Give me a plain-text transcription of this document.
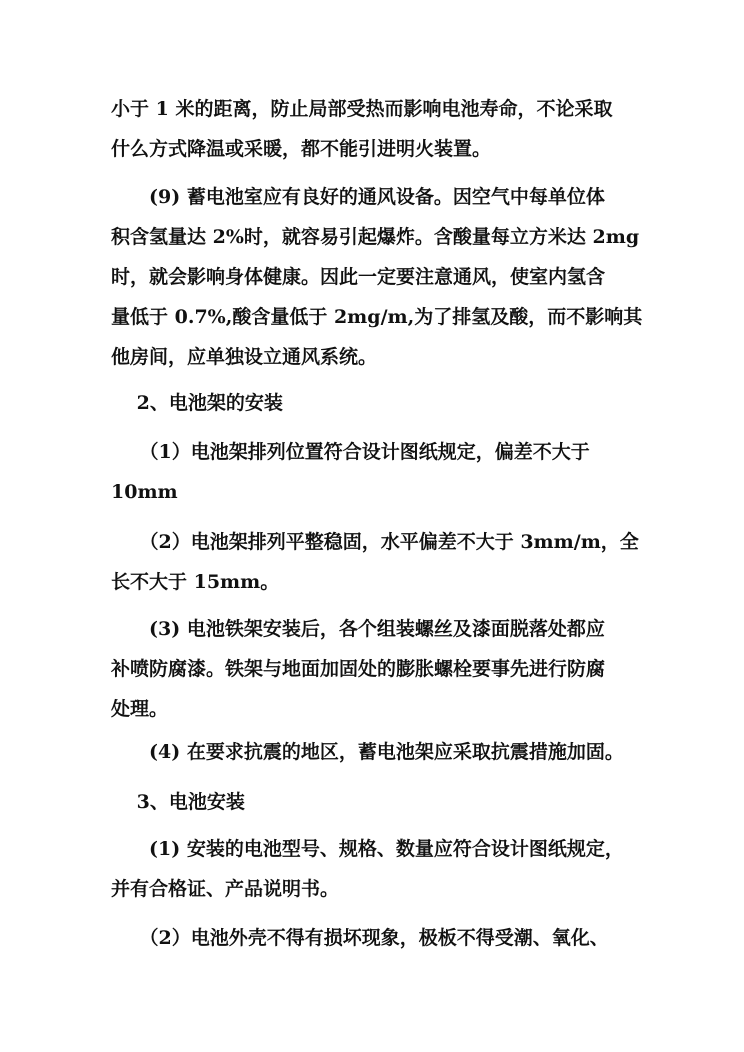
小于 1 米的距离，防止局部受热而影响电池寿命，不论采取
什么方式降温或采暖，都不能引进明火装置。
　　(9) 蓄电池室应有良好的通风设备。因空气中每单位体
积含氢量达 2%时，就容易引起爆炸。含酸量每立方米达 2mg
时，就会影响身体健康。因此一定要注意通风，使室内氢含
量低于 0.7%,酸含量低于 2mg/m,为了排氢及酸，而不影响其
他房间，应单独设立通风系统。
　 2、电池架的安装
　　（1）电池架排列位置符合设计图纸规定，偏差不大于
10mm
　　（2）电池架排列平整稳固，水平偏差不大于 3mm/m，全
长不大于 15mm。
　　(3) 电池铁架安装后，各个组装螺丝及漆面脱落处都应
补喷防腐漆。铁架与地面加固处的膨胀螺栓要事先进行防腐
处理。
　　(4) 在要求抗震的地区，蓄电池架应采取抗震措施加固。
　 3、电池安装
　　(1) 安装的电池型号、规格、数量应符合设计图纸规定，
并有合格证、产品说明书。
　　（2）电池外壳不得有损坏现象，极板不得受潮、氧化、
